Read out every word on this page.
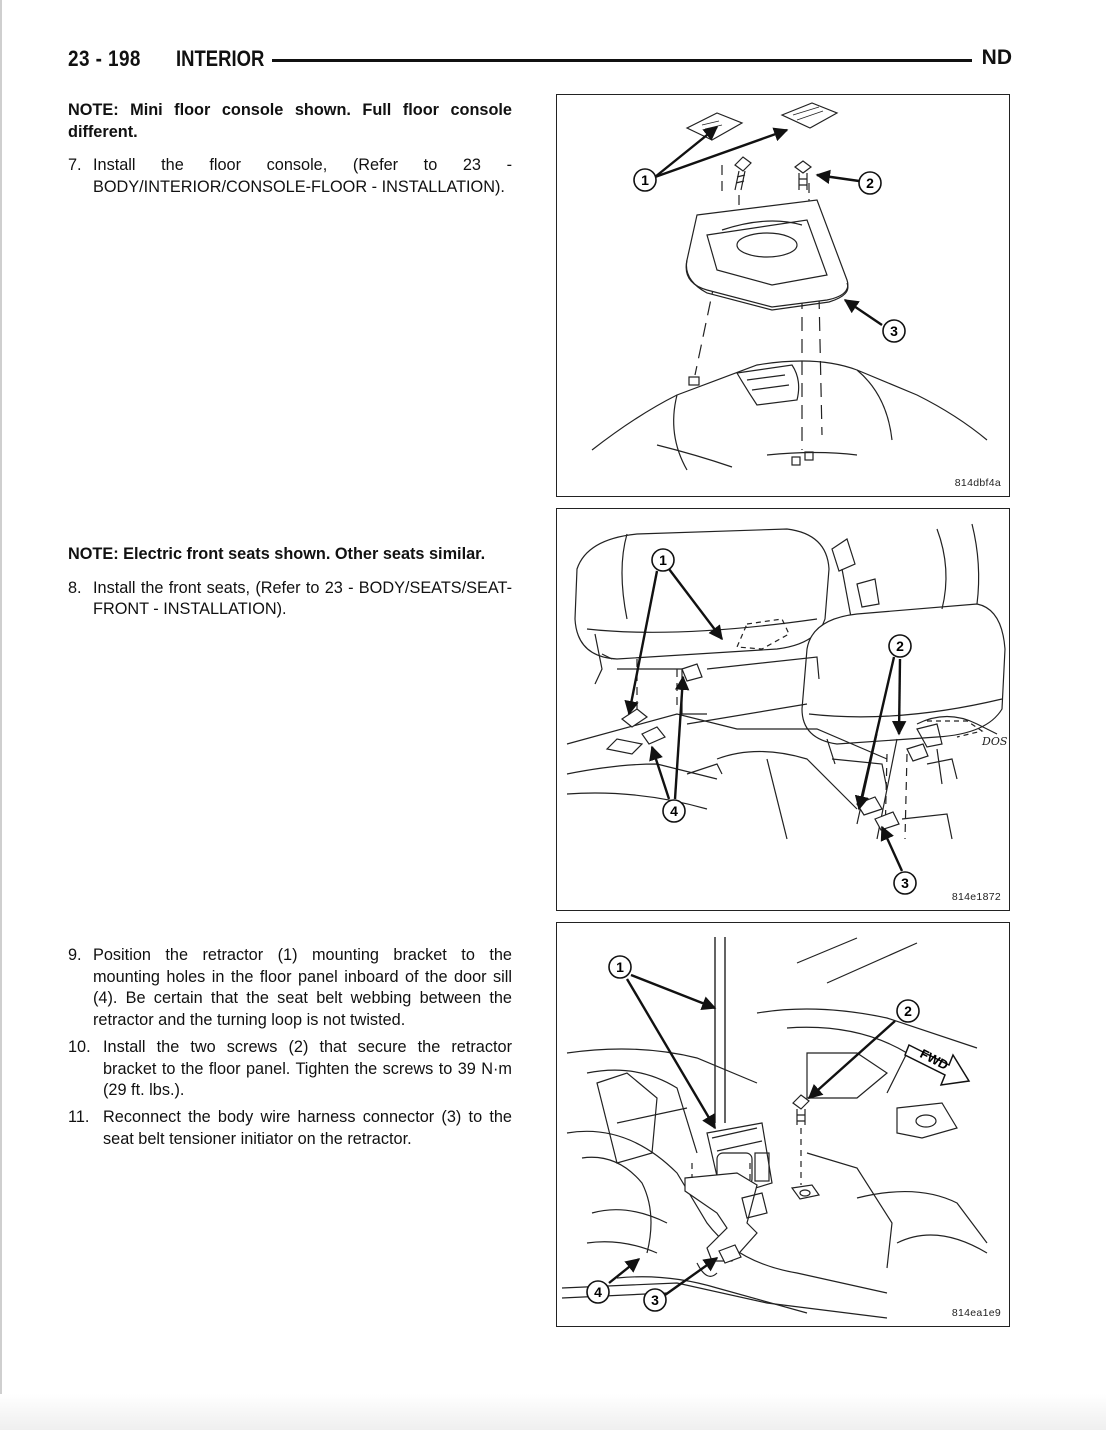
23 - 198 INTERIOR	ND
NOTE: Mini floor console shown. Full floor console different.
7. Install the floor console, (Refer to 23 - BODY/INTERIOR/CONSOLE-FLOOR - INSTALLATION).
NOTE: Electric front seats shown. Other seats similar.
8. Install the front seats, (Refer to 23 - BODY/SEATS/SEAT-FRONT - INSTALLATION).
9. Position the retractor (1) mounting bracket to the mounting holes in the floor panel inboard of the door sill (4). Be certain that the seat belt webbing between the retractor and the turning loop is not twisted.
10. Install the two screws (2) that secure the retractor bracket to the floor panel. Tighten the screws to 39 N·m (29 ft. lbs.).
11. Reconnect the body wire harness connector (3) to the seat belt tensioner initiator on the retractor.
1	2
3
814dbf4a
DOS
1
2
3
4
814e1872
FWD
1
2
3
4
814ea1e9
